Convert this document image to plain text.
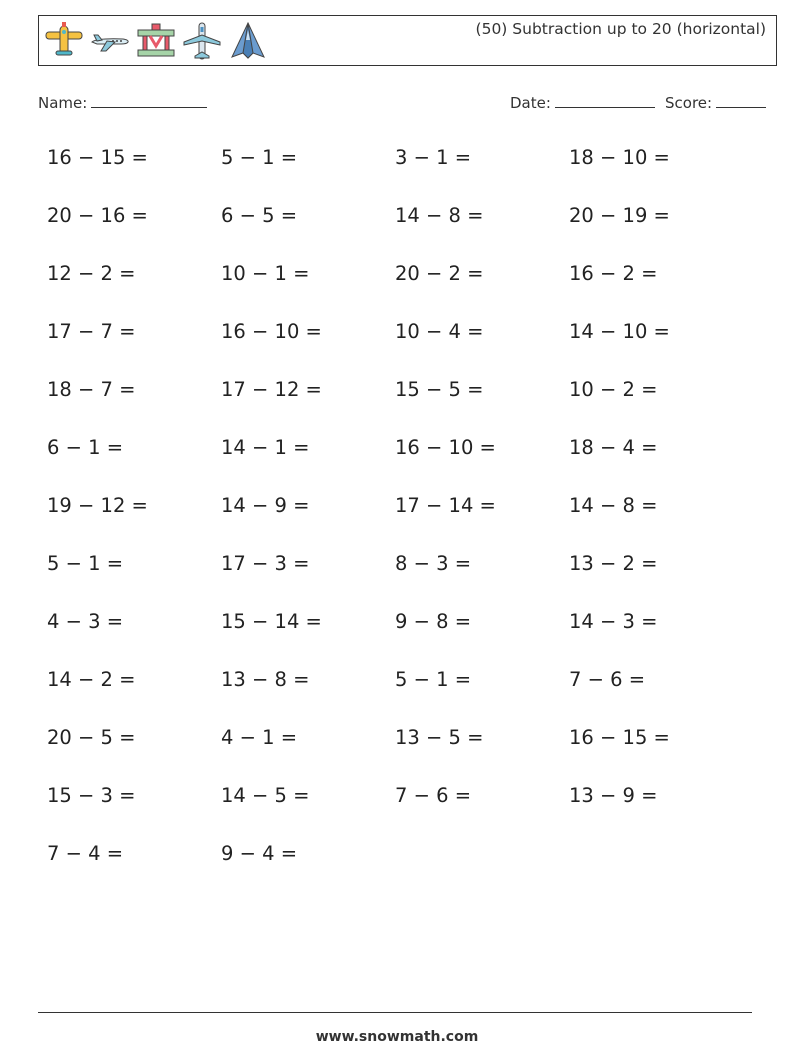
(50) Subtraction up to 20 (horizontal)
Name:	Date:	Score:
16 − 15 =	5 − 1 =	3 − 1 =	18 − 10 =
20 − 16 =	6 − 5 =	14 − 8 =	20 − 19 =
12 − 2 =	10 − 1 =	20 − 2 =	16 − 2 =
17 − 7 =	16 − 10 =	10 − 4 =	14 − 10 =
18 − 7 =	17 − 12 =	15 − 5 =	10 − 2 =
6 − 1 =	14 − 1 =	16 − 10 =	18 − 4 =
19 − 12 =	14 − 9 =	17 − 14 =	14 − 8 =
5 − 1 =	17 − 3 =	8 − 3 =	13 − 2 =
4 − 3 =	15 − 14 =	9 − 8 =	14 − 3 =
14 − 2 =	13 − 8 =	5 − 1 =	7 − 6 =
20 − 5 =	4 − 1 =	13 − 5 =	16 − 15 =
15 − 3 =	14 − 5 =	7 − 6 =	13 − 9 =
7 − 4 =	9 − 4 =
www.snowmath.com
